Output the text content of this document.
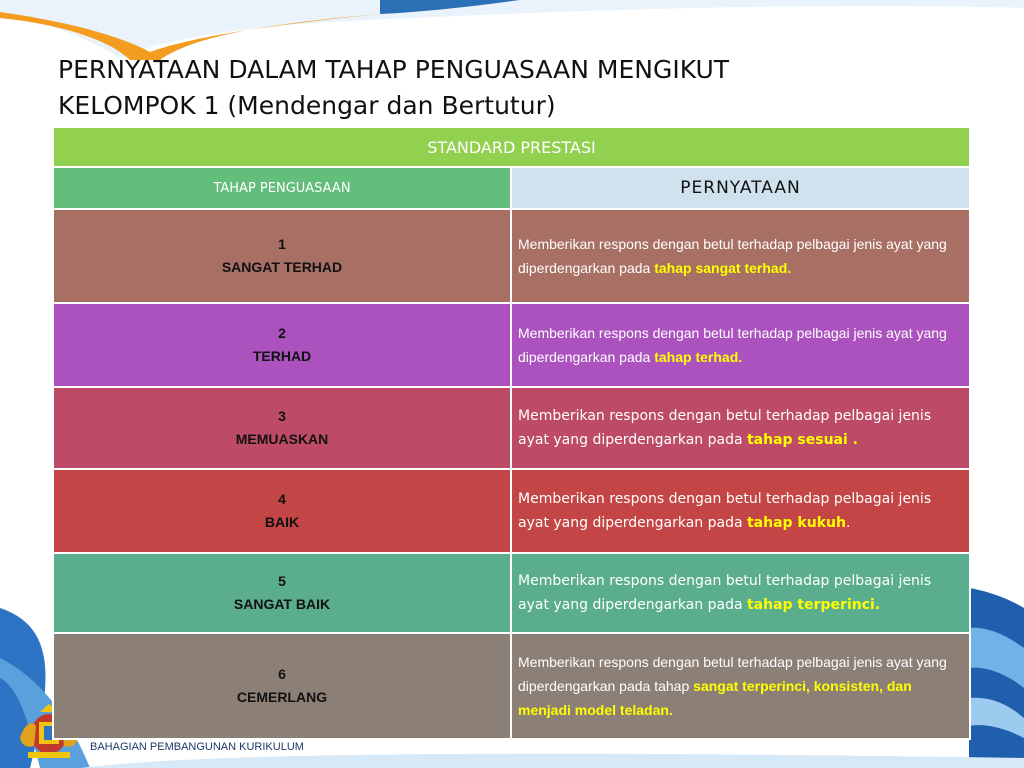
PERNYATAAN DALAM TAHAP PENGUASAAN MENGIKUT
KELOMPOK 1 (Mendengar dan Bertutur)
STANDARD PRESTASI	
TAHAP PENGUASAAN	PERNYATAAN

1
SANGAT TERHAD	Memberikan respons dengan betul terhadap pelbagai jenis ayat yang diperdengarkan pada tahap sangat terhad.

2
TERHAD	Memberikan respons dengan betul terhadap pelbagai jenis ayat yang diperdengarkan pada tahap terhad.

3
MEMUASKAN	Memberikan respons dengan betul terhadap pelbagai jenis ayat yang diperdengarkan pada tahap sesuai .

4
BAIK	Memberikan respons dengan betul terhadap pelbagai jenis ayat yang diperdengarkan pada tahap kukuh.

5
SANGAT BAIK	Memberikan respons dengan betul terhadap pelbagai jenis ayat yang diperdengarkan pada tahap terperinci.

6
CEMERLANG	Memberikan respons dengan betul terhadap pelbagai jenis ayat yang diperdengarkan pada tahap sangat terperinci, konsisten, dan menjadi model teladan.
BAHAGIAN PEMBANGUNAN KURIKULUM
